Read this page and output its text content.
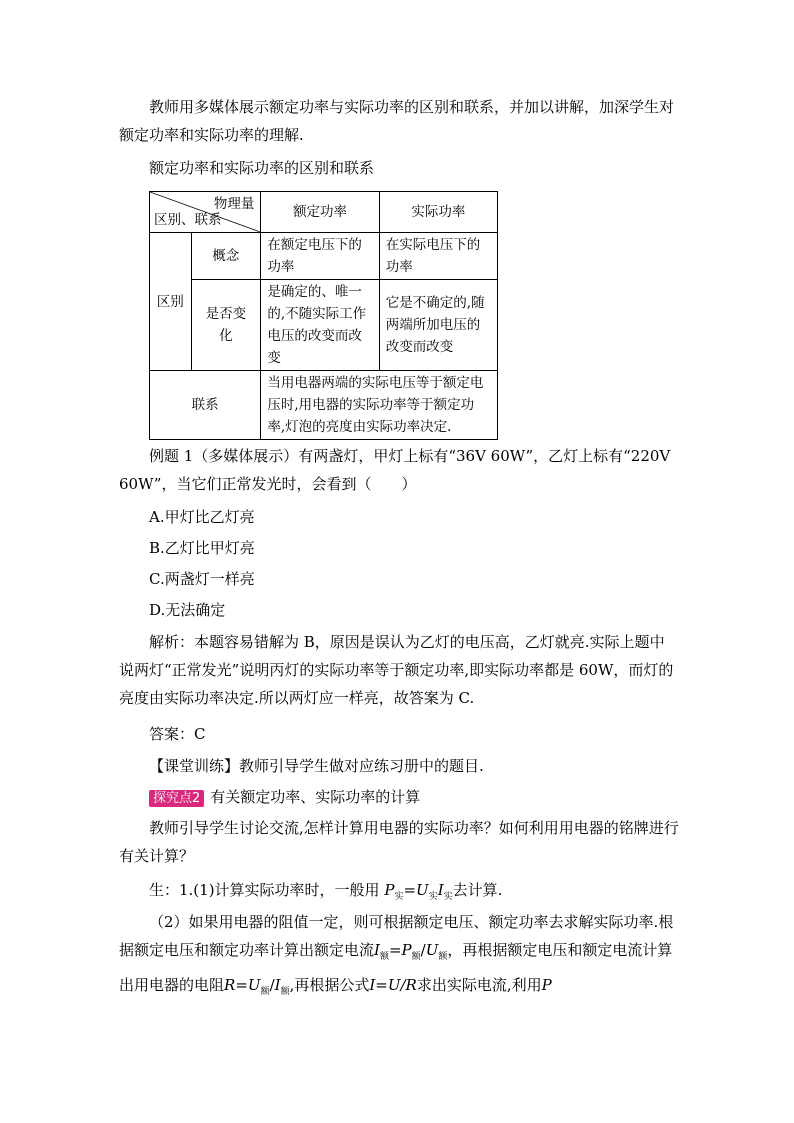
教师用多媒体展示额定功率与实际功率的区别和联系，并加以讲解，加深学生对额定功率和实际功率的理解.

额定功率和实际功率的区别和联系
物理量
区别、联系		额定功率	实际功率
区别	概念	在额定电压下的功率	在实际电压下的功率
	是否变化	是确定的、唯一的,不随实际工作电压的改变而改变	它是不确定的,随两端所加电压的改变而改变
联系		当用电器两端的实际电压等于额定电压时,用电器的实际功率等于额定功率,灯泡的亮度由实际功率决定.	

例题 1（多媒体展示）有两盏灯，甲灯上标有“36V 60W”，乙灯上标有“220V 60W”，当它们正常发光时，会看到（　　）

A.甲灯比乙灯亮
B.乙灯比甲灯亮
C.两盏灯一样亮
D.无法确定

解析：本题容易错解为 B，原因是误认为乙灯的电压高，乙灯就亮.实际上题中说两灯“正常发光”说明丙灯的实际功率等于额定功率,即实际功率都是 60W，而灯的亮度由实际功率决定.所以两灯应一样亮，故答案为 C.

答案：C
【课堂训练】教师引导学生做对应练习册中的题目.
探究点2 有关额定功率、实际功率的计算

教师引导学生讨论交流,怎样计算用电器的实际功率？如何利用用电器的铭牌进行有关计算？

生：1.(1)计算实际功率时，一般用 $P_实=U_实I_实$去计算.

（2）如果用电器的阻值一定，则可根据额定电压、额定功率去求解实际功率.根据额定电压和额定功率计算出额定电流$I_额=P_额/U_额$，再根据额定电压和额定电流计算出用电器的电阻$R=U_额/I_额$,再根据公式I=U/R求出实际电流,利用P
